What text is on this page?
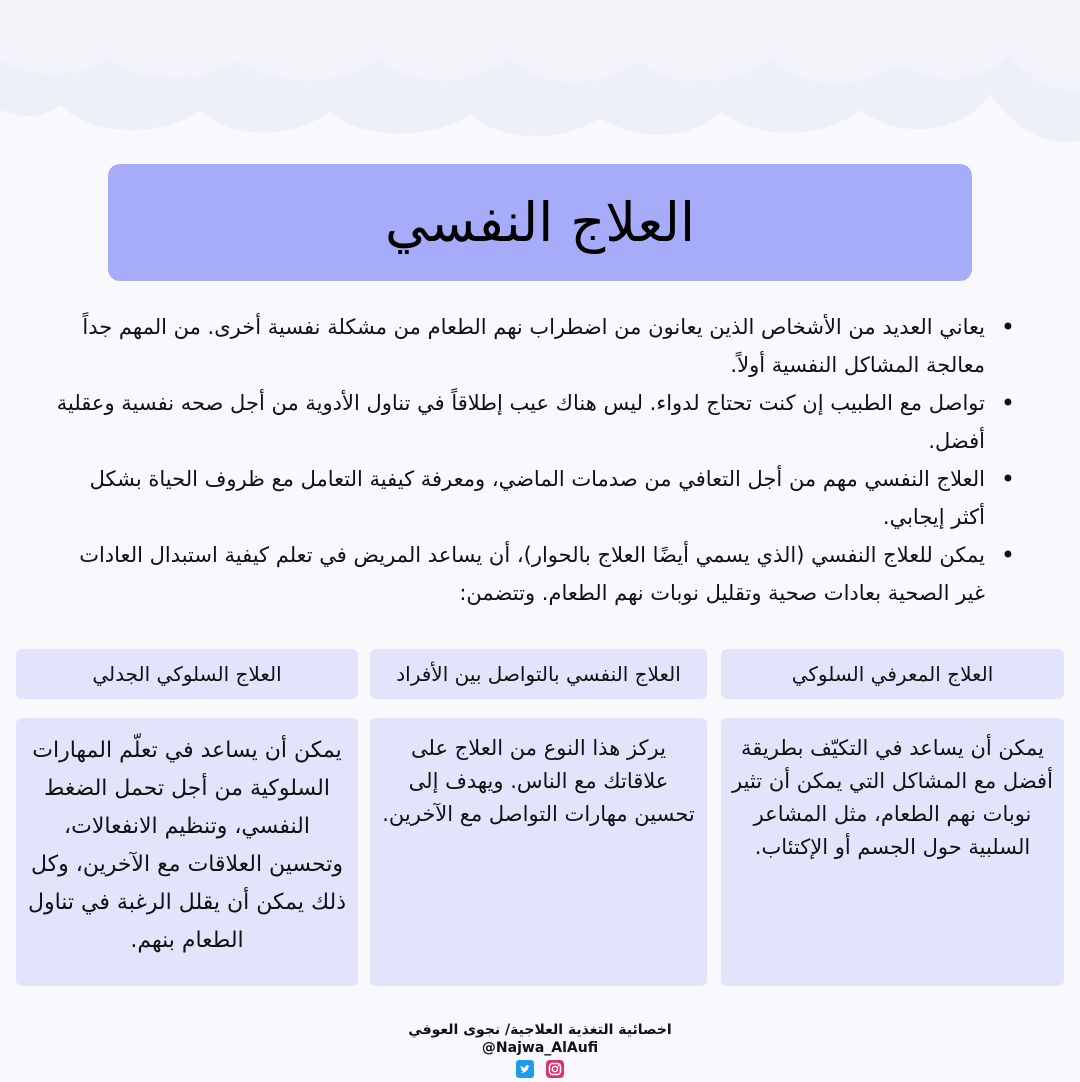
العلاج النفسي
• يعاني العديد من الأشخاص الذين يعانون من اضطراب نهم الطعام من مشكلة نفسية أخرى. من المهم جداً معالجة المشاكل النفسية أولاً.
• تواصل مع الطبيب إن كنت تحتاج لدواء. ليس هناك عيب إطلاقاً في تناول الأدوية من أجل صحه نفسية وعقلية أفضل.
• العلاج النفسي مهم من أجل التعافي من صدمات الماضي، ومعرفة كيفية التعامل مع ظروف الحياة بشكل أكثر إيجابي.
• يمكن للعلاج النفسي (الذي يسمي أيضًا العلاج بالحوار)، أن يساعد المريض في تعلم كيفية استبدال العادات غير الصحية بعادات صحية وتقليل نوبات نهم الطعام. وتتضمن:
العلاج المعرفي السلوكي
العلاج النفسي بالتواصل بين الأفراد
العلاج السلوكي الجدلي
يمكن أن يساعد في التكيّف بطريقة أفضل مع المشاكل التي يمكن أن تثير نوبات نهم الطعام، مثل المشاعر السلبية حول الجسم أو الإكتئاب.
يركز هذا النوع من العلاج على علاقاتك مع الناس. ويهدف إلى تحسين مهارات التواصل مع الآخرين.
يمكن أن يساعد في تعلّم المهارات السلوكية من أجل تحمل الضغط النفسي، وتنظيم الانفعالات، وتحسين العلاقات مع الآخرين، وكل ذلك يمكن أن يقلل الرغبة في تناول الطعام بنهم.
اخصائية التغذية العلاجية/ نجوى العوفي
@Najwa_AlAufi
